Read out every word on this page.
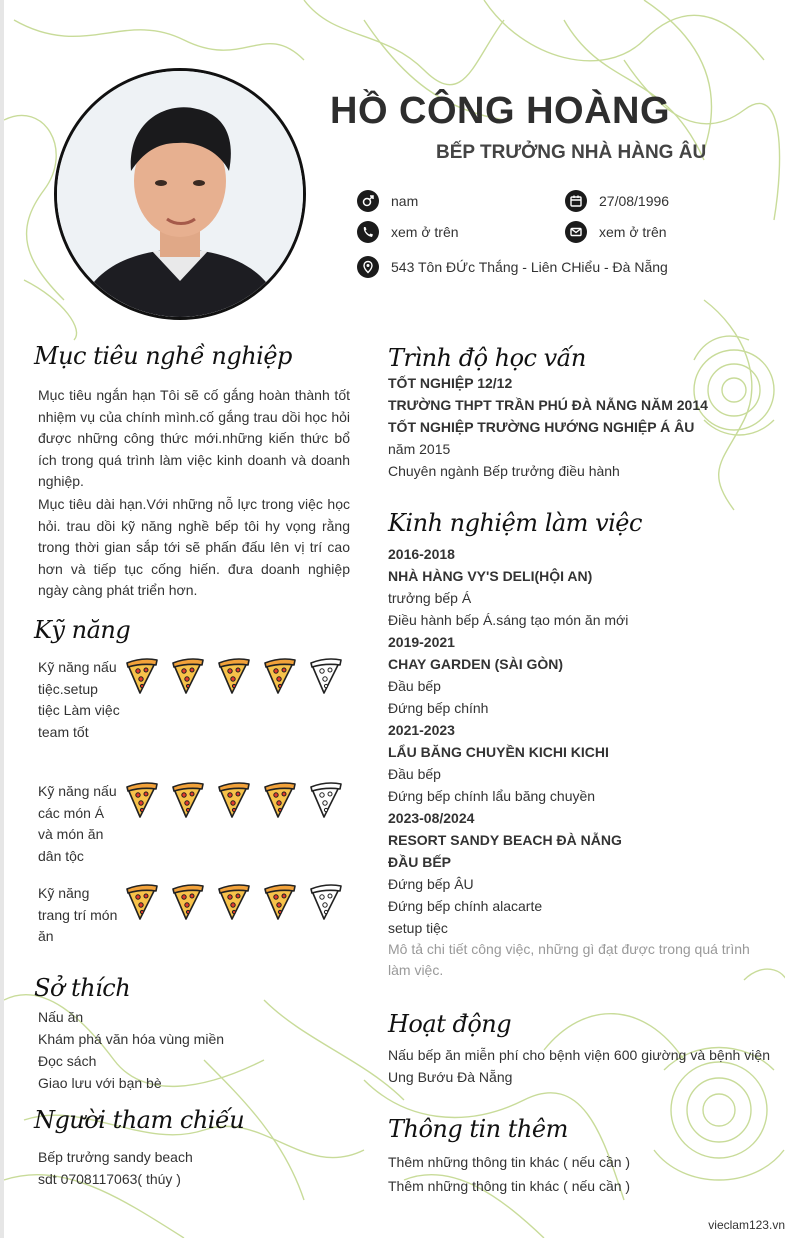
HỒ CÔNG HOÀNG
BẾP TRƯỞNG NHÀ HÀNG ÂU
nam	27/08/1996
xem ở trên	xem ở trên
543 Tôn ĐỨc Thắng - Liên CHiểu - Đà Nẵng
Mục tiêu nghề nghiệp
Mục tiêu ngắn hạn Tôi sẽ cố gắng hoàn thành tốt nhiệm vụ của chính mình.cố gắng trau dồi học hỏi được những công thức mới.những kiến thức bổ ích trong quá trình làm việc kinh doanh và doanh nghiệp.
Mục tiêu dài hạn.Với những nỗ lực trong việc học hỏi. trau dồi kỹ năng nghề bếp tôi hy vọng rằng trong thời gian sắp tới sẽ phấn đấu lên vị trí cao hơn và tiếp tục cống hiến. đưa doanh nghiệp ngày càng phát triển hơn.
Kỹ năng
Kỹ năng nấu tiệc.setup tiệc Làm việc team tốt
Kỹ năng nấu các món Á và món ăn dân tộc
Kỹ năng trang trí món ăn
Sở thích
Nấu ăn
Khám phá văn hóa vùng miền
Đọc sách
Giao lưu với bạn bè
Người tham chiếu
Bếp trưởng sandy beach
sdt 0708117063( thúy )
Trình độ học vấn
TỐT NGHIỆP 12/12
TRƯỜNG THPT TRẦN PHÚ ĐÀ NẴNG NĂM 2014
TỐT NGHIỆP TRƯỜNG HƯỚNG NGHIỆP Á ÂU
năm 2015
Chuyên ngành Bếp trưởng điều hành
Kinh nghiệm làm việc
2016-2018
NHÀ HÀNG VY'S DELI(HỘI AN)
trưởng bếp Á
Điều hành bếp Á.sáng tạo món ăn mới
2019-2021
CHAY GARDEN (SÀI GÒN)
Đầu bếp
Đứng bếp chính
2021-2023
LẨU BĂNG CHUYỀN KICHI KICHI
Đầu bếp
Đứng bếp chính lẩu băng chuyền
2023-08/2024
RESORT SANDY BEACH ĐÀ NẴNG
ĐẦU BẾP
Đứng bếp ÂU
Đứng bếp chính alacarte
setup tiệc
Mô tả chi tiết công việc, những gì đạt được trong quá trình làm việc.
Hoạt động
Nấu bếp ăn miễn phí cho bệnh viện 600 giường và bệnh viện Ung Bướu Đà Nẵng
Thông tin thêm
Thêm những thông tin khác ( nếu cần )
Thêm những thông tin khác ( nếu cần )
vieclam123.vn
